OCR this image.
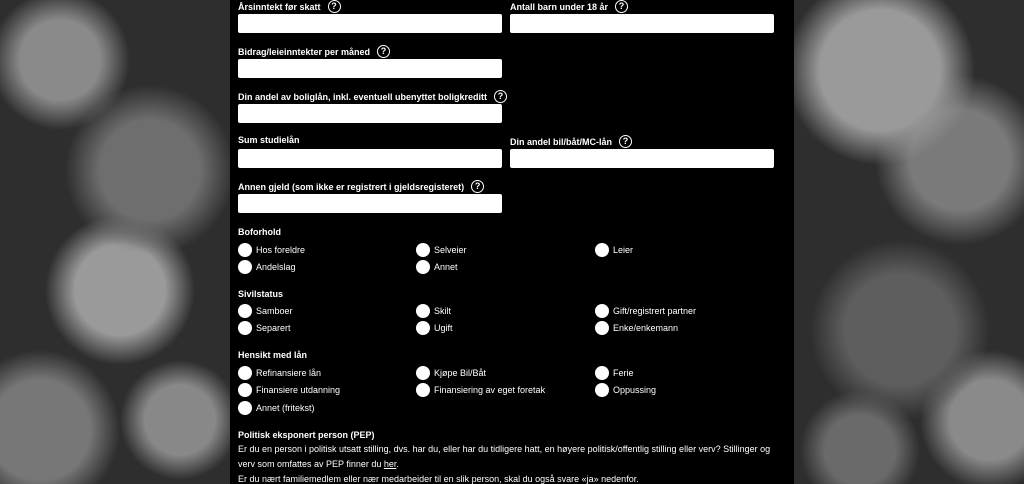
Årsinntekt før skatt	?	Antall barn under 18 år	?
Bidrag/leieinntekter per måned	?
Din andel av boliglån, inkl. eventuell ubenyttet boligkreditt	?
Sum studielån	Din andel bil/båt/MC-lån	?
Annen gjeld (som ikke er registrert i gjeldsregisteret)	?
Boforhold
Hos foreldre	Selveier	Leier
Andelslag	Annet
Sivilstatus
Samboer	Skilt	Gift/registrert partner
Separert	Ugift	Enke/enkemann
Hensikt med lån
Refinansiere lån	Kjøpe Bil/Båt	Ferie
Finansiere utdanning	Finansiering av eget foretak	Oppussing
Annet (fritekst)
Politisk eksponert person (PEP)
Er du en person i politisk utsatt stilling, dvs. har du, eller har du tidligere hatt, en høyere politisk/offentlig stilling eller verv? Stillinger og verv som omfattes av PEP finner du her.
Er du nært familiemedlem eller nær medarbeider til en slik person, skal du også svare «ja» nedenfor.
